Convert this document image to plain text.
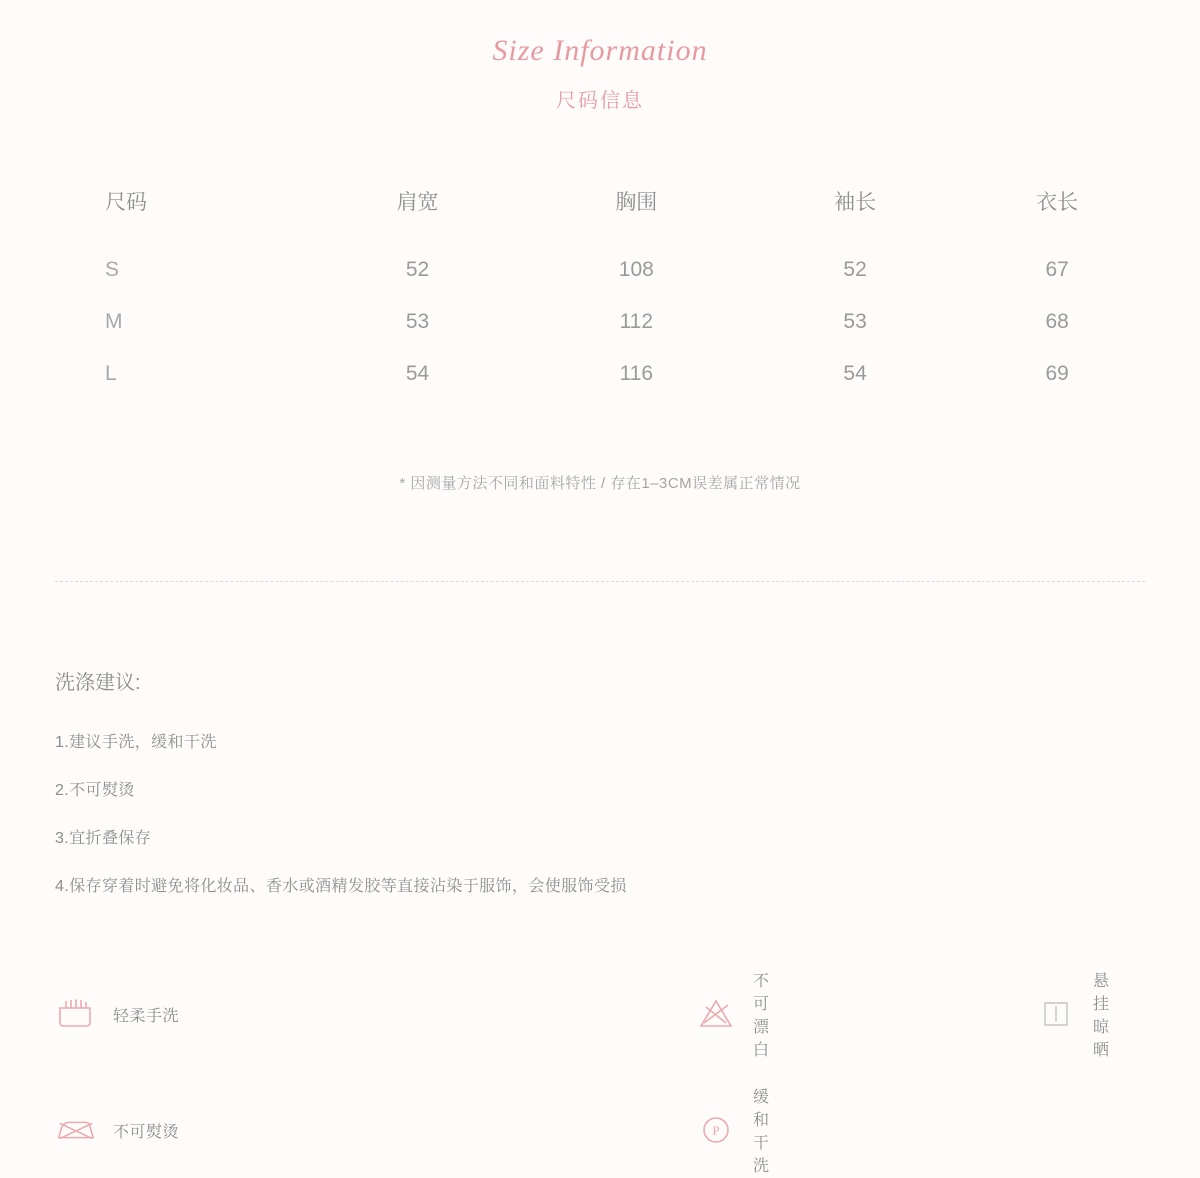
Size Information
尺码信息
尺码	肩宽	胸围	袖长	衣长
S	52	108	52	67
M	53	112	53	68
L	54	116	54	69
* 因测量方法不同和面料特性 / 存在1–3CM误差属正常情况
洗涤建议:
1.建议手洗，缓和干洗
2.不可熨烫
3.宜折叠保存
4.保存穿着时避免将化妆品、香水或酒精发胶等直接沾染于服饰，会使服饰受损
轻柔手洗
不可漂白
悬挂晾晒
不可熨烫	P
缓和干洗
